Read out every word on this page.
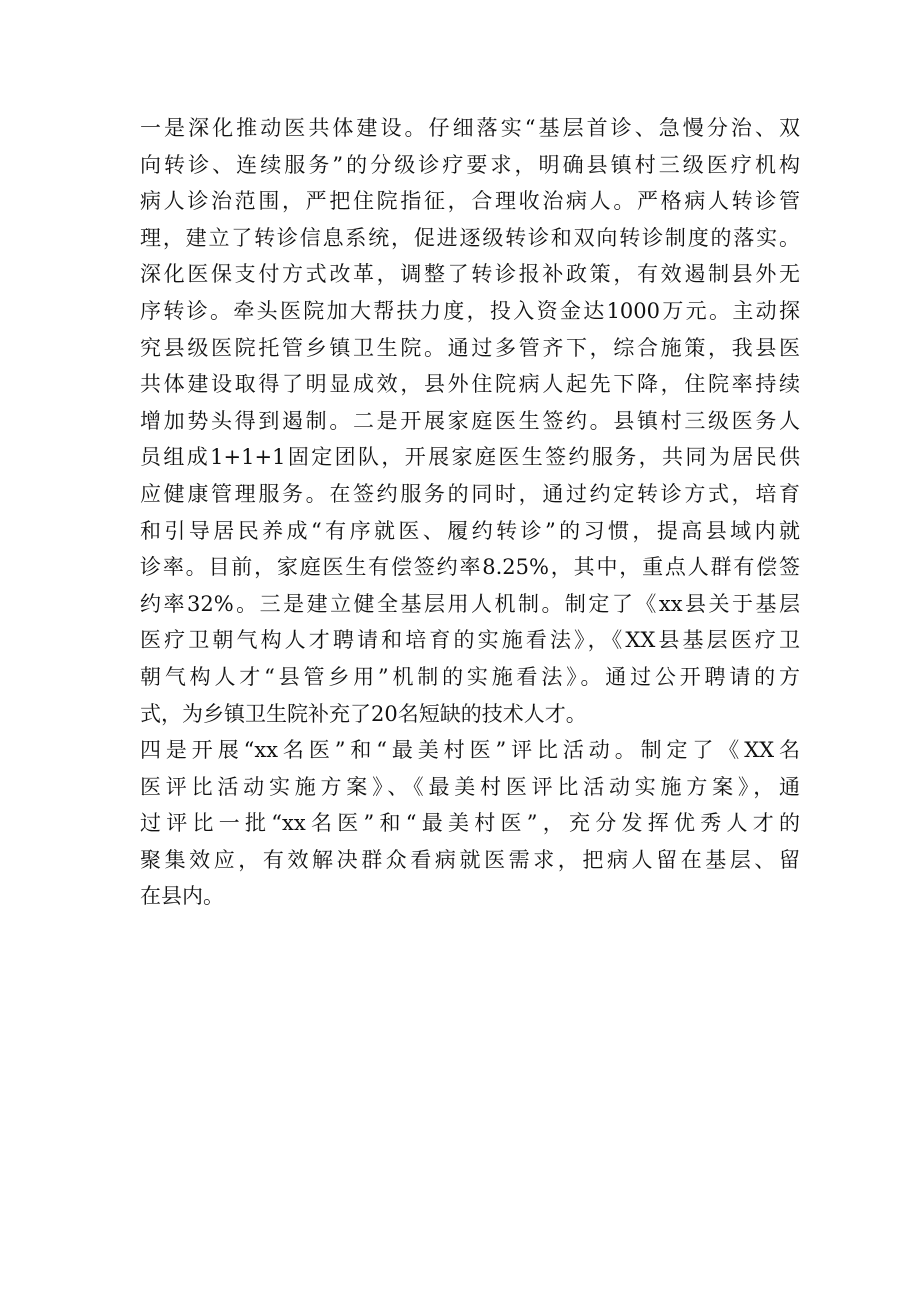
一是深化推动医共体建设。仔细落实“基层首诊、急慢分治、双
向转诊、连续服务”的分级诊疗要求，明确县镇村三级医疗机构
病人诊治范围，严把住院指征，合理收治病人。严格病人转诊管
理，建立了转诊信息系统，促进逐级转诊和双向转诊制度的落实。
深化医保支付方式改革，调整了转诊报补政策，有效遏制县外无
序转诊。牵头医院加大帮扶力度，投入资金达1000万元。主动探
究县级医院托管乡镇卫生院。通过多管齐下，综合施策，我县医
共体建设取得了明显成效，县外住院病人起先下降，住院率持续
增加势头得到遏制。二是开展家庭医生签约。县镇村三级医务人
员组成1+1+1固定团队，开展家庭医生签约服务，共同为居民供
应健康管理服务。在签约服务的同时，通过约定转诊方式，培育
和引导居民养成“有序就医、履约转诊”的习惯，提高县域内就
诊率。目前，家庭医生有偿签约率8.25%，其中，重点人群有偿签
约率32%。三是建立健全基层用人机制。制定了《xx县关于基层
医疗卫朝气构人才聘请和培育的实施看法》，《XX县基层医疗卫
朝气构人才“县管乡用”机制的实施看法》。通过公开聘请的方
式，为乡镇卫生院补充了20名短缺的技术人才。
四是开展“xx名医”和“最美村医”评比活动。制定了《XX名
医评比活动实施方案》、《最美村医评比活动实施方案》，通
过评比一批“xx名医”和“最美村医”，充分发挥优秀人才的
聚集效应，有效解决群众看病就医需求，把病人留在基层、留
在县内。
